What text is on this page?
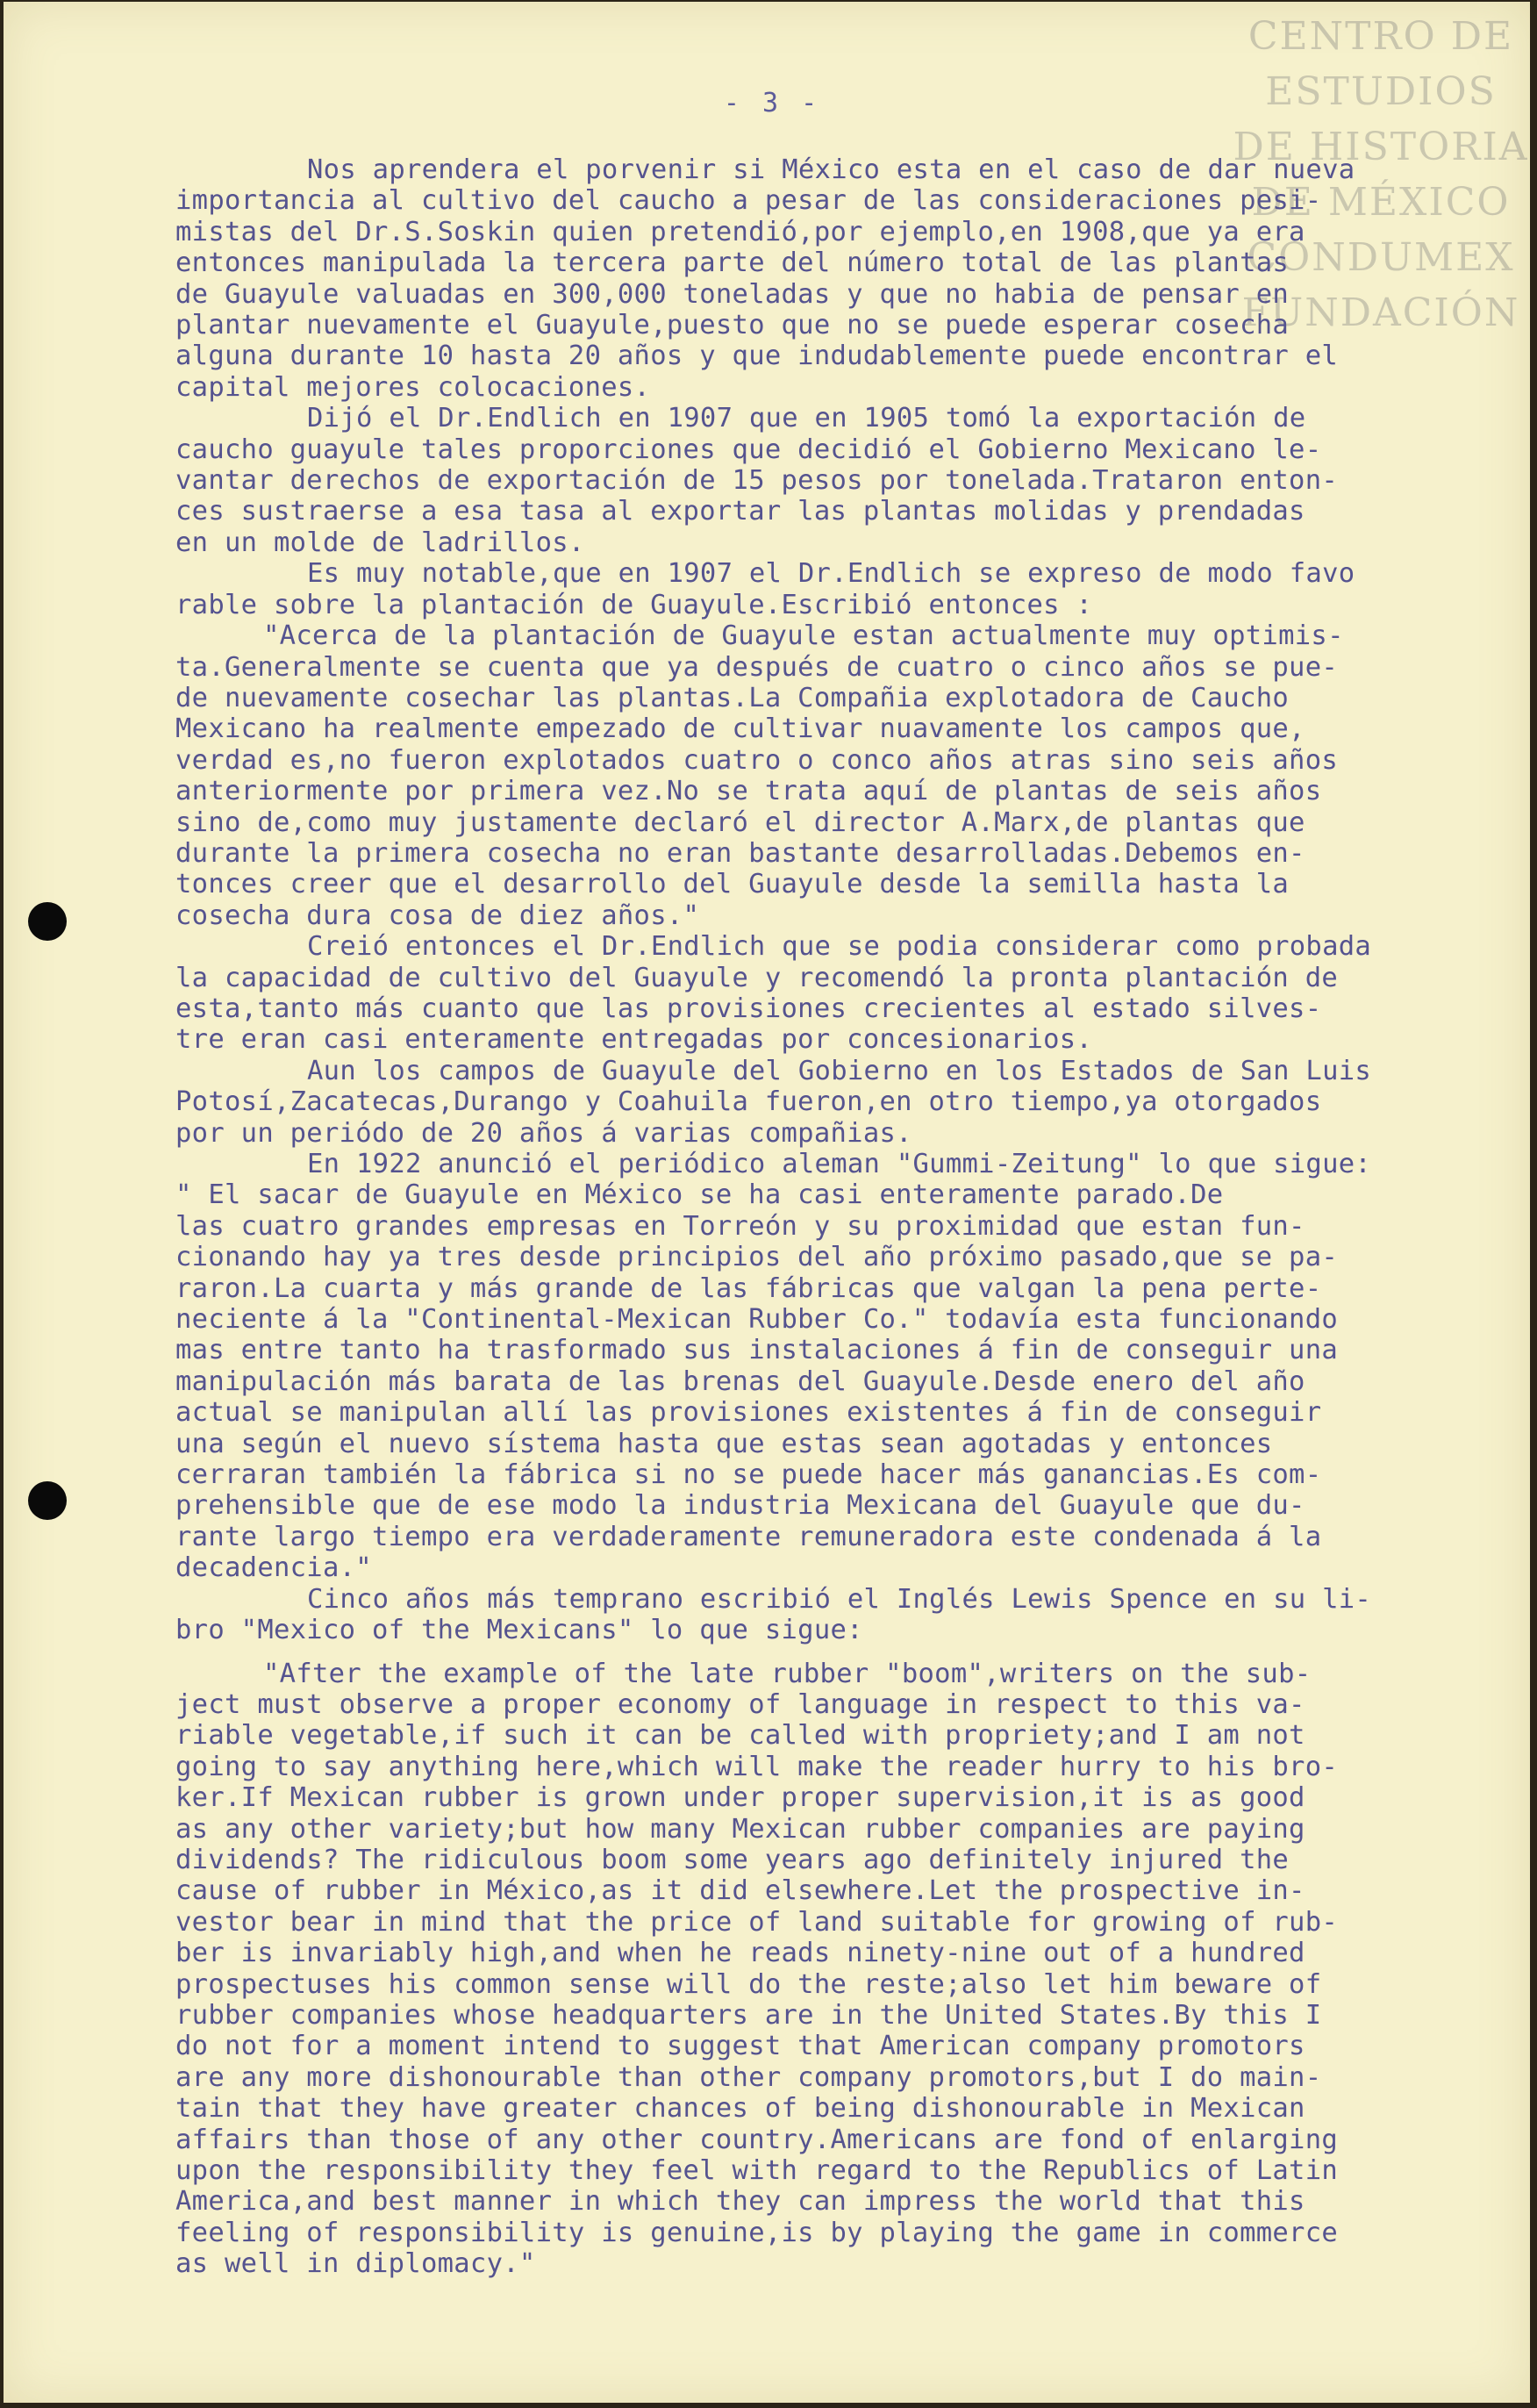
CENTRO DE
ESTUDIOS
DE HISTORIA
DE MÉXICO
CONDUMEX
FUNDACIÓN
- 3 -

Nos aprendera el porvenir si México esta en el caso de dar nueva

importancia al cultivo del caucho a pesar de las consideraciones pesi-

mistas del Dr.S.Soskin quien pretendió,por ejemplo,en 1908,que ya era

entonces manipulada la tercera parte del número total de las plantas

de Guayule valuadas en 300,000 toneladas y que no habia de pensar en

plantar nuevamente el Guayule,puesto que no se puede esperar cosecha

alguna durante 10 hasta 20 años y que indudablemente puede encontrar el

capital mejores colocaciones.

Dijó el Dr.Endlich en 1907 que en 1905 tomó la exportación de

caucho guayule tales proporciones que decidió el Gobierno Mexicano le-

vantar derechos de exportación de 15 pesos por tonelada.Trataron enton-

ces sustraerse a esa tasa al exportar las plantas molidas y prendadas

en un molde de ladrillos.

Es muy notable,que en 1907 el Dr.Endlich se expreso de modo favo

rable sobre la plantación de Guayule.Escribió entonces :

"Acerca de la plantación de Guayule estan actualmente muy optimis-

ta.Generalmente se cuenta que ya después de cuatro o cinco años se pue-

de nuevamente cosechar las plantas.La Compañia explotadora de Caucho

Mexicano ha realmente empezado de cultivar nuavamente los campos que,

verdad es,no fueron explotados cuatro o conco años atras sino seis años

anteriormente por primera vez.No se trata aquí de plantas de seis años

sino de,como muy justamente declaró el director A.Marx,de plantas que

durante la primera cosecha no eran bastante desarrolladas.Debemos en-

tonces creer que el desarrollo del Guayule desde la semilla hasta la

cosecha dura cosa de diez años."

Creió entonces el Dr.Endlich que se podia considerar como probada

la capacidad de cultivo del Guayule y recomendó la pronta plantación de

esta,tanto más cuanto que las provisiones crecientes al estado silves-

tre eran casi enteramente entregadas por concesionarios.

Aun los campos de Guayule del Gobierno en los Estados de San Luis

Potosí,Zacatecas,Durango y Coahuila fueron,en otro tiempo,ya otorgados

por un periódo de 20 años á varias compañias.

En 1922 anunció el periódico aleman "Gummi-Zeitung" lo que sigue:

" El sacar de Guayule en México se ha casi enteramente parado.De

las cuatro grandes empresas en Torreón y su proximidad que estan fun-

cionando hay ya tres desde principios del año próximo pasado,que se pa-

raron.La cuarta y más grande de las fábricas que valgan la pena perte-

neciente á la "Continental-Mexican Rubber Co." todavía esta funcionando

mas entre tanto ha trasformado sus instalaciones á fin de conseguir una

manipulación más barata de las brenas del Guayule.Desde enero del año

actual se manipulan allí las provisiones existentes á fin de conseguir

una según el nuevo sístema hasta que estas sean agotadas y entonces

cerraran también la fábrica si no se puede hacer más ganancias.Es com-

prehensible que de ese modo la industria Mexicana del Guayule que du-

rante largo tiempo era verdaderamente remuneradora este condenada á la

decadencia."

Cinco años más temprano escribió el Inglés Lewis Spence en su li-

bro "Mexico of the Mexicans" lo que sigue:

"After the example of the late rubber "boom",writers on the sub-

ject must observe a proper economy of language in respect to this va-

riable vegetable,if such it can be called with propriety;and I am not

going to say anything here,which will make the reader hurry to his bro-

ker.If Mexican rubber is grown under proper supervision,it is as good

as any other variety;but how many Mexican rubber companies are paying

dividends? The ridiculous boom some years ago definitely injured the

cause of rubber in México,as it did elsewhere.Let the prospective in-

vestor bear in mind that the price of land suitable for growing of rub-

ber is invariably high,and when he reads ninety-nine out of a hundred

prospectuses his common sense will do the reste;also let him beware of

rubber companies whose headquarters are in the United States.By this I

do not for a moment intend to suggest that American company promotors

are any more dishonourable than other company promotors,but I do main-

tain that they have greater chances of being dishonourable in Mexican

affairs than those of any other country.Americans are fond of enlarging

upon the responsibility they feel with regard to the Republics of Latin

America,and best manner in which they can impress the world that this

feeling of responsibility is genuine,is by playing the game in commerce

as well in diplomacy."
